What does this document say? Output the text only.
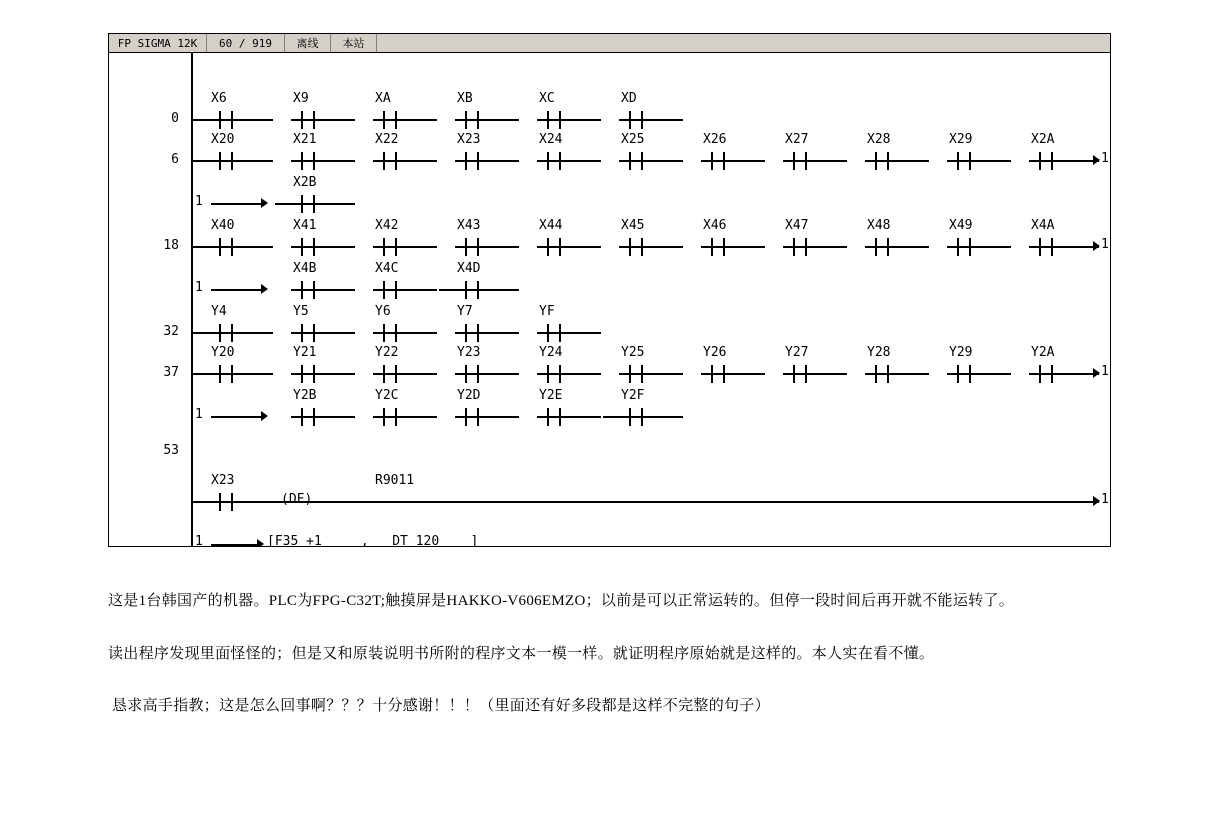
FP SIGMA 12K	60 / 919	离线	本站
0
X6	X9	XA	XB	XC	XD
6
X20	X21	X22	X23	X24	X25	X26	X27	X28	X29	X2A
1
1
X2B
18
X40	X41	X42	X43	X44	X45	X46	X47	X48	X49	X4A
1
1
X4B	X4C	X4D
32
Y4	Y5	Y6	Y7	YF
37
Y20	Y21	Y22	Y23	Y24	Y25	Y26	Y27	Y28	Y29	Y2A
1
1
Y2B	Y2C	Y2D	Y2E	Y2F
53
X23
1
R9011
(DF)
1	[F35 +1     ,   DT 120    ]

这是1台韩国产的机器。PLC为FPG-C32T;触摸屏是HAKKO-V606EMZO；以前是可以正常运转的。但停一段时间后再开就不能运转了。

读出程序发现里面怪怪的；但是又和原装说明书所附的程序文本一模一样。就证明程序原始就是这样的。本人实在看不懂。

恳求高手指教；这是怎么回事啊？？？十分感谢！！！（里面还有好多段都是这样不完整的句子）
